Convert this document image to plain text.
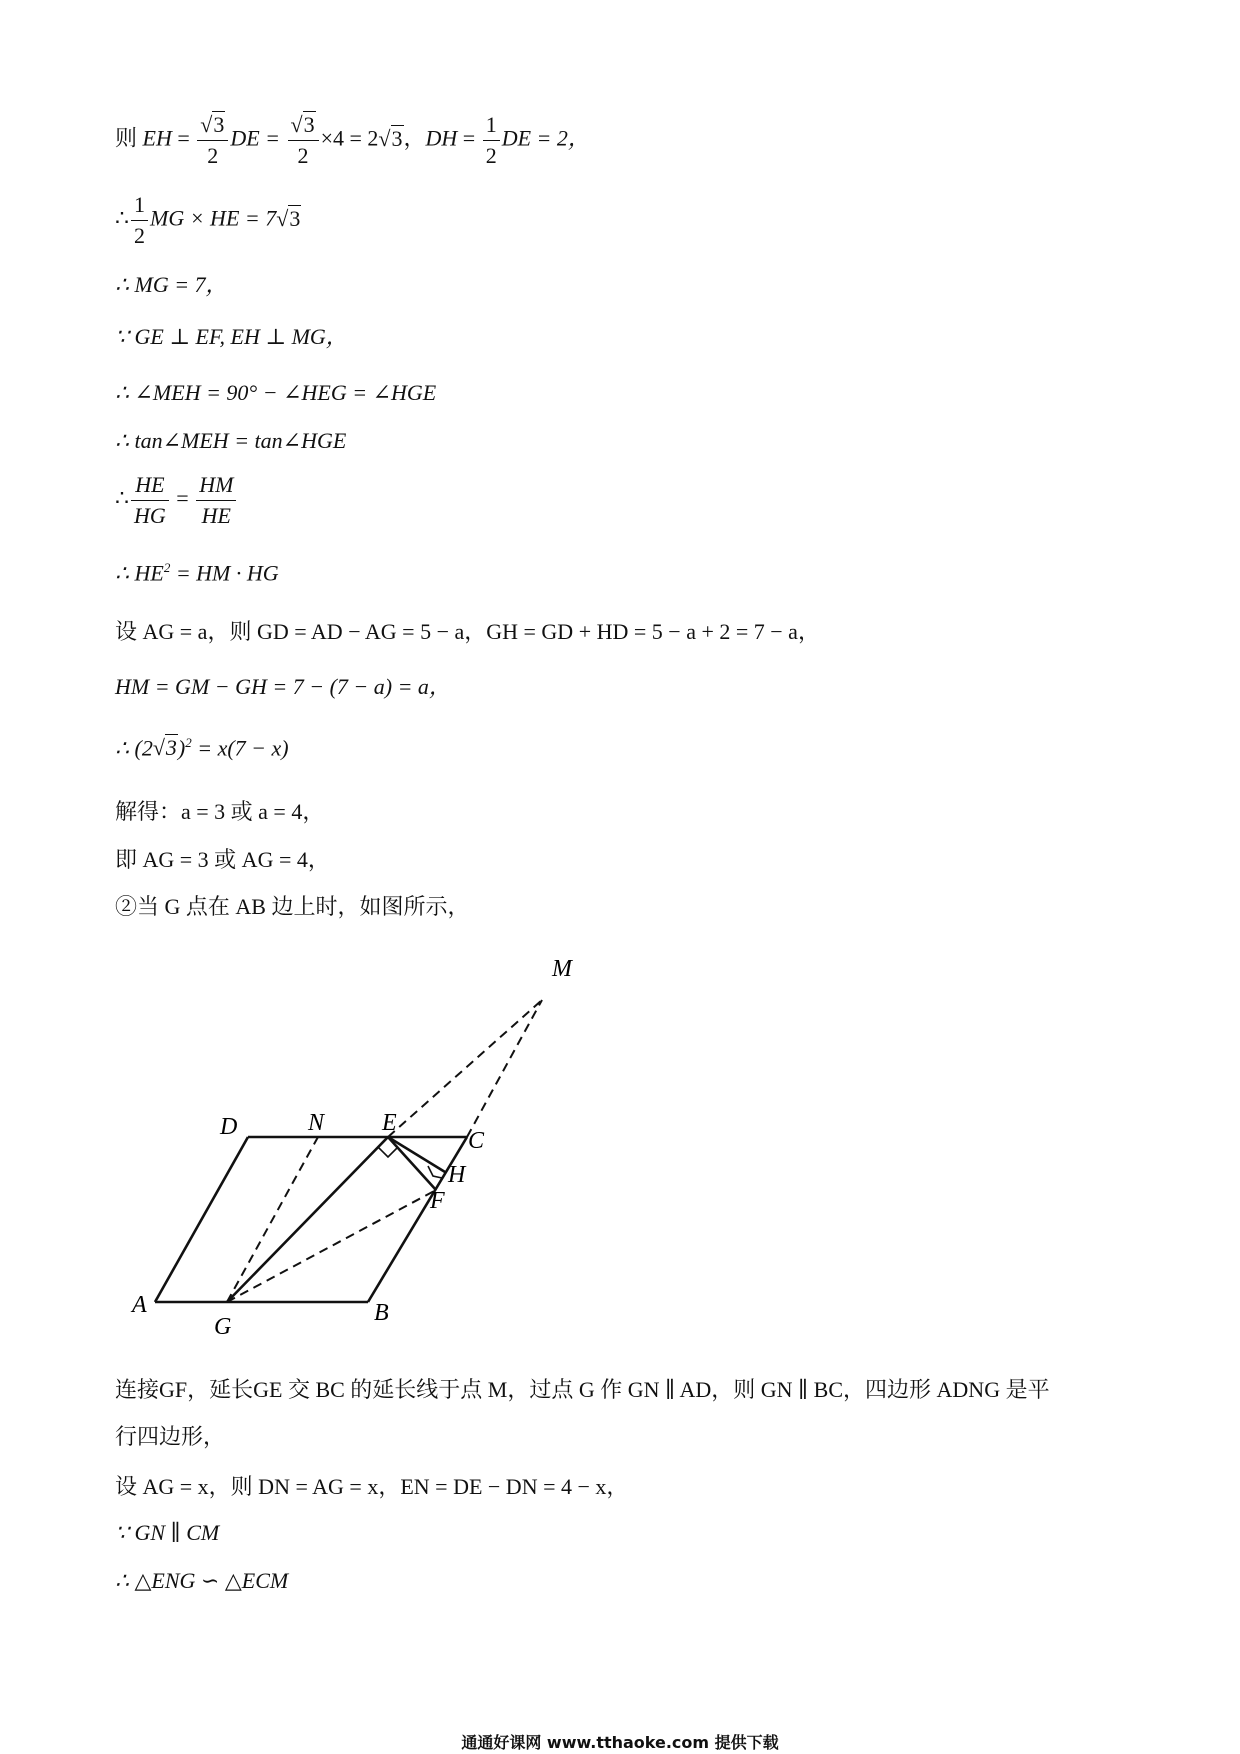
则 EH = $\frac{√3}{2}$ DE = $\frac{√3}{2} \times 4 = 2√3$，DH = $\frac{1}{2}$ DE = 2，
∴ $\frac{1}{2}$ MG × HE = 7√3
∴ MG = 7，
∵ GE ⊥ EF, EH ⊥ MG，
∴ ∠MEH = 90° − ∠HEG = ∠HGE
∴ tan∠MEH = tan∠HGE
∴ $\frac{HE}{HG} = \frac{HM}{HE}$
∴ $HE^2$ = HM · HG
设 AG = a，则 GD = AD − AG = 5 − a，GH = GD + HD = 5 − a + 2 = 7 − a，
HM = GM − GH = 7 − (7 − a) = a，
∴ $(2√3)^2 = x(7 - x)$
解得：a = 3 或 a = 4，
即 AG = 3 或 AG = 4，
②当 G 点在 AB 边上时，如图所示，
M
D	N E
C
H
F
A
G
B
连接GF，延长GE 交 BC 的延长线于点 M，过点 G 作 GN ∥ AD，则 GN ∥ BC，四边形 ADNG 是平
行四边形，
设 AG = x，则 DN = AG = x，EN = DE − DN = 4 − x，
∵ GN ∥ CM
∴ △ENG ∽ △ECM
通通好课网 www.tthaoke.com 提供下载
